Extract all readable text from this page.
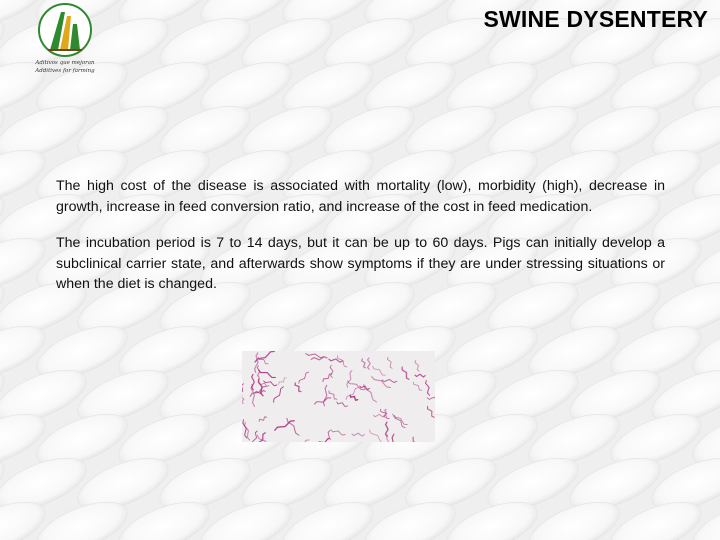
Aditivos que mejoran
Additives for farming
SWINE DYSENTERY

The high cost of the disease is associated with mortality (low), morbidity (high), decrease in growth, increase in feed conversion ratio, and increase of the cost in feed medication.

The incubation period is 7 to 14 days, but it can be up to 60 days. Pigs can initially develop a subclinical carrier state, and afterwards show symptoms if they are under stressing situations or when the diet is changed.
